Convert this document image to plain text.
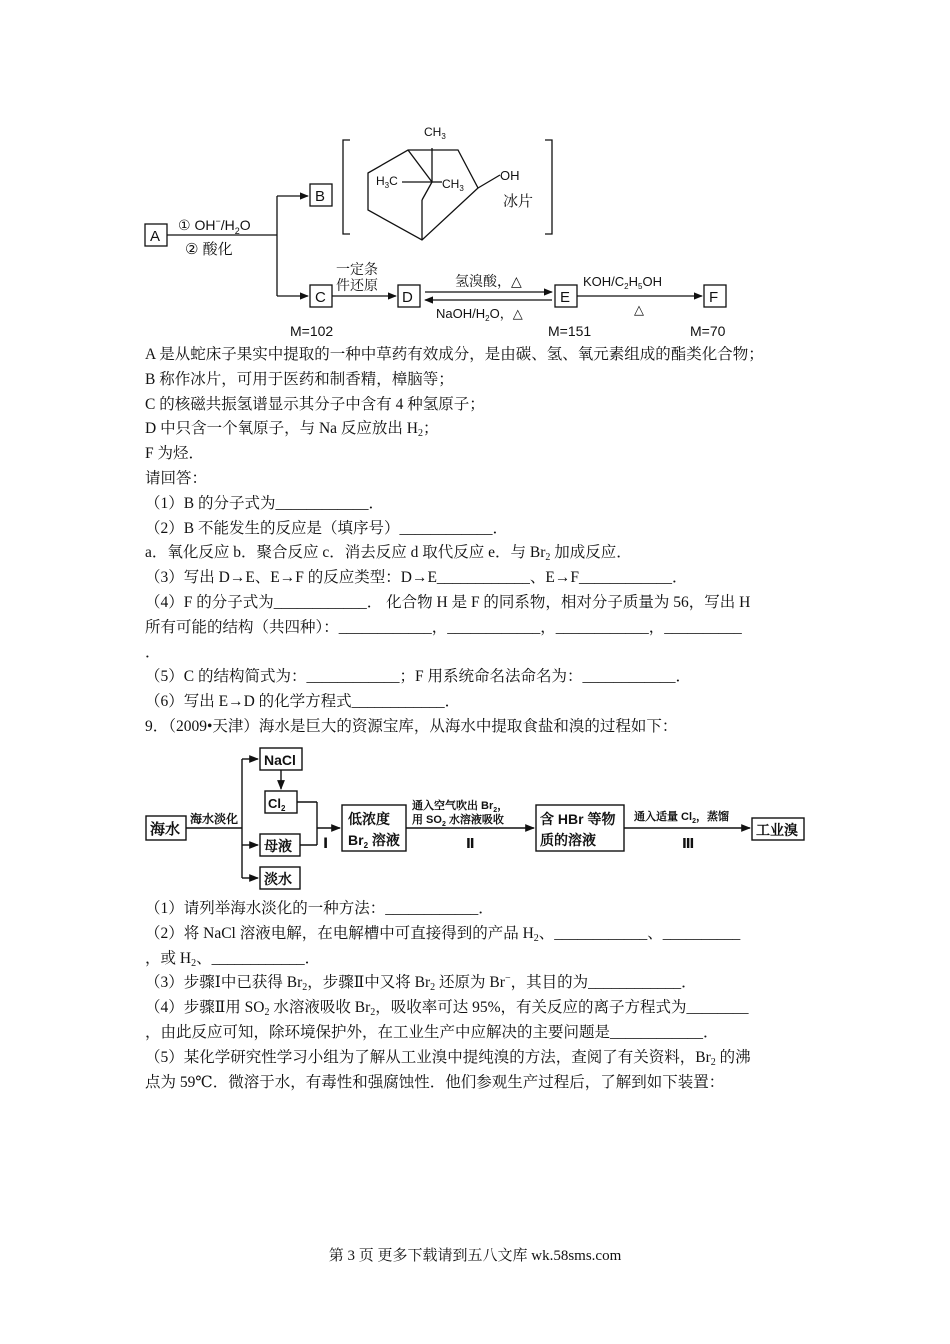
A
B
C	D	E	F
① $OH^-/H_2O$
② 酸化
$CH_3$
$H_3C$	$CH_3$
OH
冰片
一定条
件还原	氢溴酸，△
NaOH/$H_2O$，△
KOH/$C_2H_5OH$
△
M=102	M=151	M=70

A 是从蛇床子果实中提取的一种中草药有效成分，是由碳、氢、氧元素组成的酯类化合物；

B 称作冰片，可用于医药和制香精，樟脑等；

C 的核磁共振氢谱显示其分子中含有 4 种氢原子；

D 中只含一个氧原子，与 Na 反应放出 $H_2$；

F 为烃．

请回答：

（1）B 的分子式为____________．

（2）B 不能发生的反应是（填序号）____________．

a．氧化反应 b．聚合反应 c．消去反应 d 取代反应 e．与 $Br_2$ 加成反应．

（3）写出 D→E、E→F 的反应类型：D→E____________、E→F____________．

（4）F 的分子式为____________． 化合物 H 是 F 的同系物，相对分子质量为 56，写出 H

所有可能的结构（共四种）：____________，____________，____________，__________

．

（5）C 的结构简式为：____________；F 用系统命名法命名为：____________．

（6）写出 E→D 的化学方程式____________．

9．（2009•天津）海水是巨大的资源宝库，从海水中提取食盐和溴的过程如下：

海水
海水淡化
NaCl
$Cl_2$
母液
淡水
Ⅰ
低浓度
$Br_2$ 溶液
通入空气吹出 $Br_2$，
用 $SO_2$ 水溶液吸收
Ⅱ
含 HBr 等物
质的溶液
通入适量 $Cl_2$，蒸馏
Ⅲ
工业溴

（1）请列举海水淡化的一种方法：____________．

（2）将 NaCl 溶液电解，在电解槽中可直接得到的产品 $H_2$、____________、__________

，或 $H_2$、____________．

（3）步骤Ⅰ中已获得 $Br_2$，步骤Ⅱ中又将 $Br_2$ 还原为 Br−，其目的为____________．

（4）步骤Ⅱ用 $SO_2$ 水溶液吸收 $Br_2$，吸收率可达 95%，有关反应的离子方程式为________

，由此反应可知，除环境保护外，在工业生产中应解决的主要问题是____________．

（5）某化学研究性学习小组为了解从工业溴中提纯溴的方法，查阅了有关资料，$Br_2$ 的沸

点为 59℃．微溶于水，有毒性和强腐蚀性．他们参观生产过程后，了解到如下装置：

第 3 页 更多下载请到五八文库 wk.58sms.com
